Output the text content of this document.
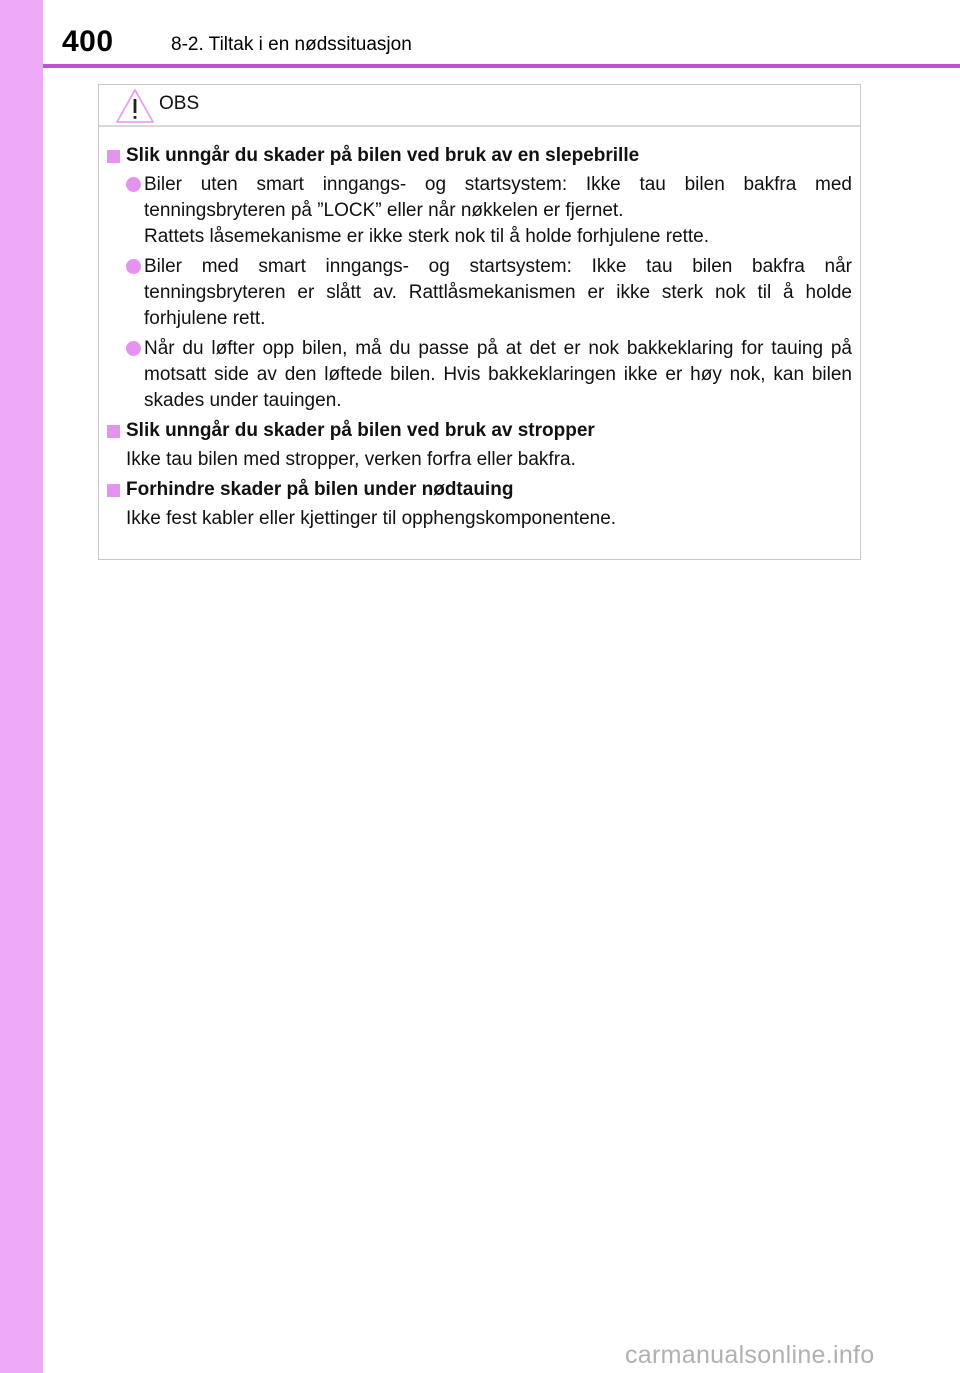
400	8-2. Tiltak i en nødssituasjon
OBS
Slik unngår du skader på bilen ved bruk av en slepebrille
Biler uten smart inngangs- og startsystem: Ikke tau bilen bakfra med tenningsbryteren på ”LOCK” eller når nøkkelen er fjernet.
Rattets låsemekanisme er ikke sterk nok til å holde forhjulene rette.
Biler med smart inngangs- og startsystem: Ikke tau bilen bakfra når tenningsbryteren er slått av. Rattlåsmekanismen er ikke sterk nok til å holde forhjulene rett.
Når du løfter opp bilen, må du passe på at det er nok bakkeklaring for tauing på motsatt side av den løftede bilen. Hvis bakkeklaringen ikke er høy nok, kan bilen skades under tauingen.
Slik unngår du skader på bilen ved bruk av stropper
Ikke tau bilen med stropper, verken forfra eller bakfra.
Forhindre skader på bilen under nødtauing
Ikke fest kabler eller kjettinger til opphengskomponentene.
carmanualsonline.info
